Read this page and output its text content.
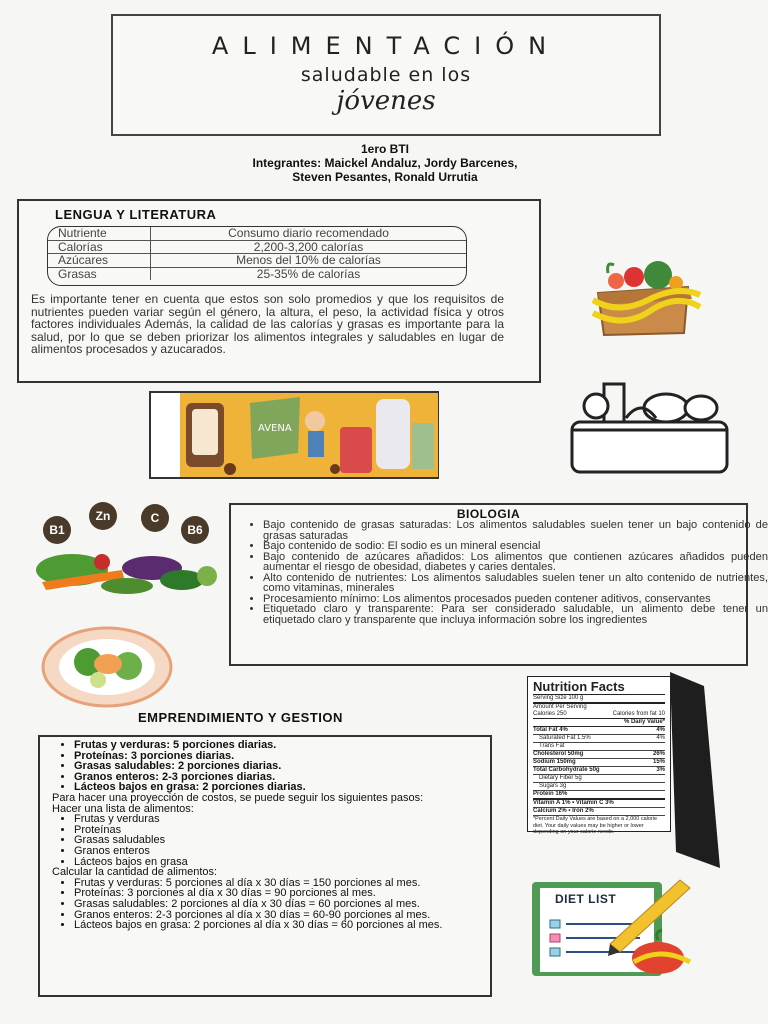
ALIMENTACIÓN
saludable en los
jóvenes
1ero BTI
Integrantes: Maickel Andaluz, Jordy Barcenes,
Steven Pesantes, Ronald Urrutia
LENGUA Y LITERATURA
Nutriente	Consumo diario recomendado
Calorías	2,200-3,200 calorías
Azúcares	Menos del 10% de calorías
Grasas	25-35% de calorías
Es importante tener en cuenta que estos son solo promedios y que los requisitos de nutrientes pueden variar según el género, la altura, el peso, la actividad física y otros factores individuales Además, la calidad de las calorías y grasas es importante para la salud, por lo que se deben priorizar los alimentos integrales y saludables en lugar de alimentos procesados y azucarados.
AVENA
B1
Zn	C
B6
BIOLOGIA
• Bajo contenido de grasas saturadas: Los alimentos saludables suelen tener un bajo contenido de grasas saturadas
• Bajo contenido de sodio: El sodio es un mineral esencial
• Bajo contenido de azúcares añadidos: Los alimentos que contienen azúcares añadidos pueden aumentar el riesgo de obesidad, diabetes y caries dentales.
• Alto contenido de nutrientes: Los alimentos saludables suelen tener un alto contenido de nutrientes, como vitaminas, minerales
• Procesamiento mínimo: Los alimentos procesados pueden contener aditivos, conservantes
• Etiquetado claro y transparente: Para ser considerado saludable, un alimento debe tener un etiquetado claro y transparente que incluya información sobre los ingredientes
Nutrition Facts
Serving Size 100 g
Amount Per Serving
Calories 250	Calories from fat 10
% Daily Value*
Total Fat 4%	4%
Saturated Fat 1.5%	4%
Trans Fat
Cholesterol 50mg	26%
Sodium 150mg	15%
Total Carbohydrate 50g	3%
Dietary Fiber 5g
Sugars 3g
Protein 16%
Vitamin A 1% • Vitamin C 3%
Calcium 2% • Iron 2%
*Percent Daily Values are based on a 2,000 calorie diet. Your daily values may be higher or lower depending on your calorie needs.
EMPRENDIMIENTO Y GESTION
• Frutas y verduras: 5 porciones diarias.
• Proteínas: 3 porciones diarias.
• Grasas saludables: 2 porciones diarias.
• Granos enteros: 2-3 porciones diarias.
• Lácteos bajos en grasa: 2 porciones diarias.

Para hacer una proyección de costos, se puede seguir los siguientes pasos:

Hacer una lista de alimentos:

• Frutas y verduras
• Proteínas
• Grasas saludables
• Granos enteros
• Lácteos bajos en grasa

Calcular la cantidad de alimentos:

• Frutas y verduras: 5 porciones al día x 30 días = 150 porciones al mes.
• Proteínas: 3 porciones al día x 30 días = 90 porciones al mes.
• Grasas saludables: 2 porciones al día x 30 días = 60 porciones al mes.
• Granos enteros: 2-3 porciones al día x 30 días = 60-90 porciones al mes.
• Lácteos bajos en grasa: 2 porciones al día x 30 días = 60 porciones al mes.
DIET LIST
